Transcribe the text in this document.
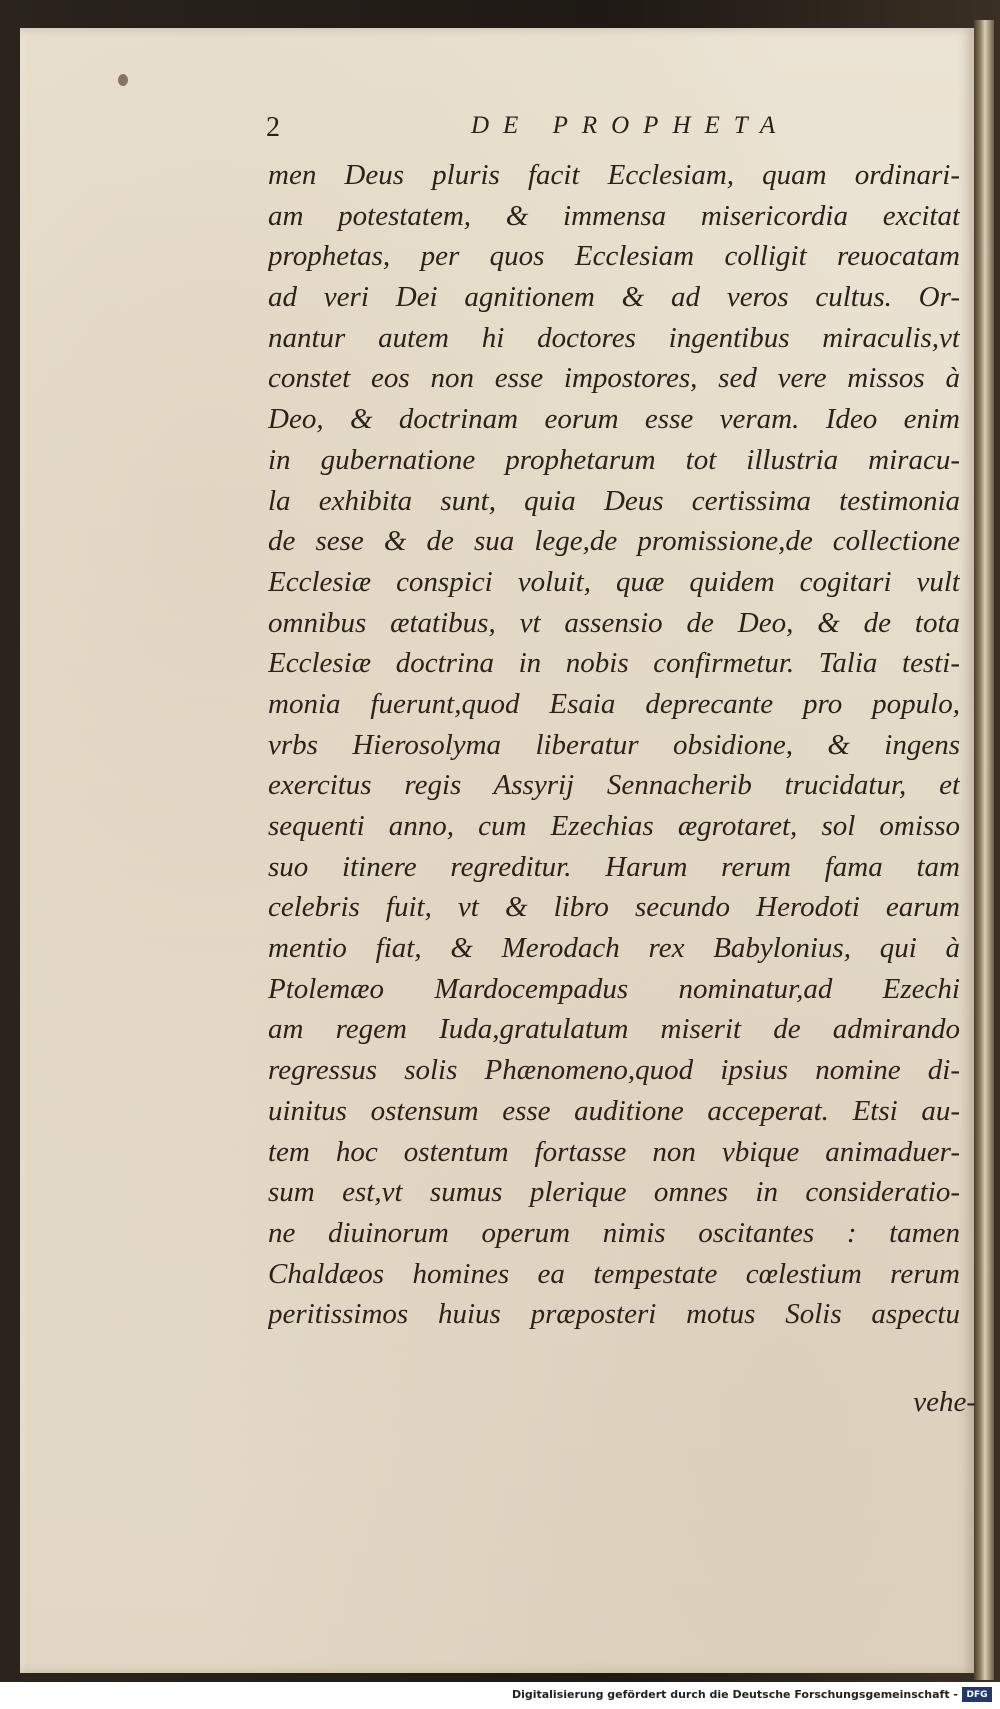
2	DE PROPHETA
men Deus pluris facit Ecclesiam, quam ordinari-
am potestatem, & immensa misericordia excitat
prophetas, per quos Ecclesiam colligit reuocatam
ad veri Dei agnitionem & ad veros cultus. Or-
nantur autem hi doctores ingentibus miraculis,vt
constet eos non esse impostores, sed vere missos à
Deo, & doctrinam eorum esse veram. Ideo enim
in gubernatione prophetarum tot illustria miracu-
la exhibita sunt, quia Deus certissima testimonia
de sese & de sua lege,de promissione,de collectione
Ecclesiæ conspici voluit, quæ quidem cogitari vult
omnibus ætatibus, vt assensio de Deo, & de tota
Ecclesiæ doctrina in nobis confirmetur. Talia testi-
monia fuerunt,quod Esaia deprecante pro populo,
vrbs Hierosolyma liberatur obsidione, & ingens
exercitus regis Assyrij Sennacherib trucidatur, et
sequenti anno, cum Ezechias ægrotaret, sol omisso
suo itinere regreditur. Harum rerum fama tam
celebris fuit, vt & libro secundo Herodoti earum
mentio fiat, & Merodach rex Babylonius, qui à
Ptolemæo Mardocempadus nominatur,ad Ezechi
am regem Iuda,gratulatum miserit de admirando
regressus solis Phænomeno,quod ipsius nomine di-
uinitus ostensum esse auditione acceperat. Etsi au-
tem hoc ostentum fortasse non vbique animaduer-
sum est,vt sumus plerique omnes in consideratio-
ne diuinorum operum nimis oscitantes : tamen
Chaldæos homines ea tempestate cœlestium rerum
peritissimos huius præposteri motus Solis aspectu
vehe-
Digitalisierung gefördert durch die Deutsche Forschungsgemeinschaft - DFG
